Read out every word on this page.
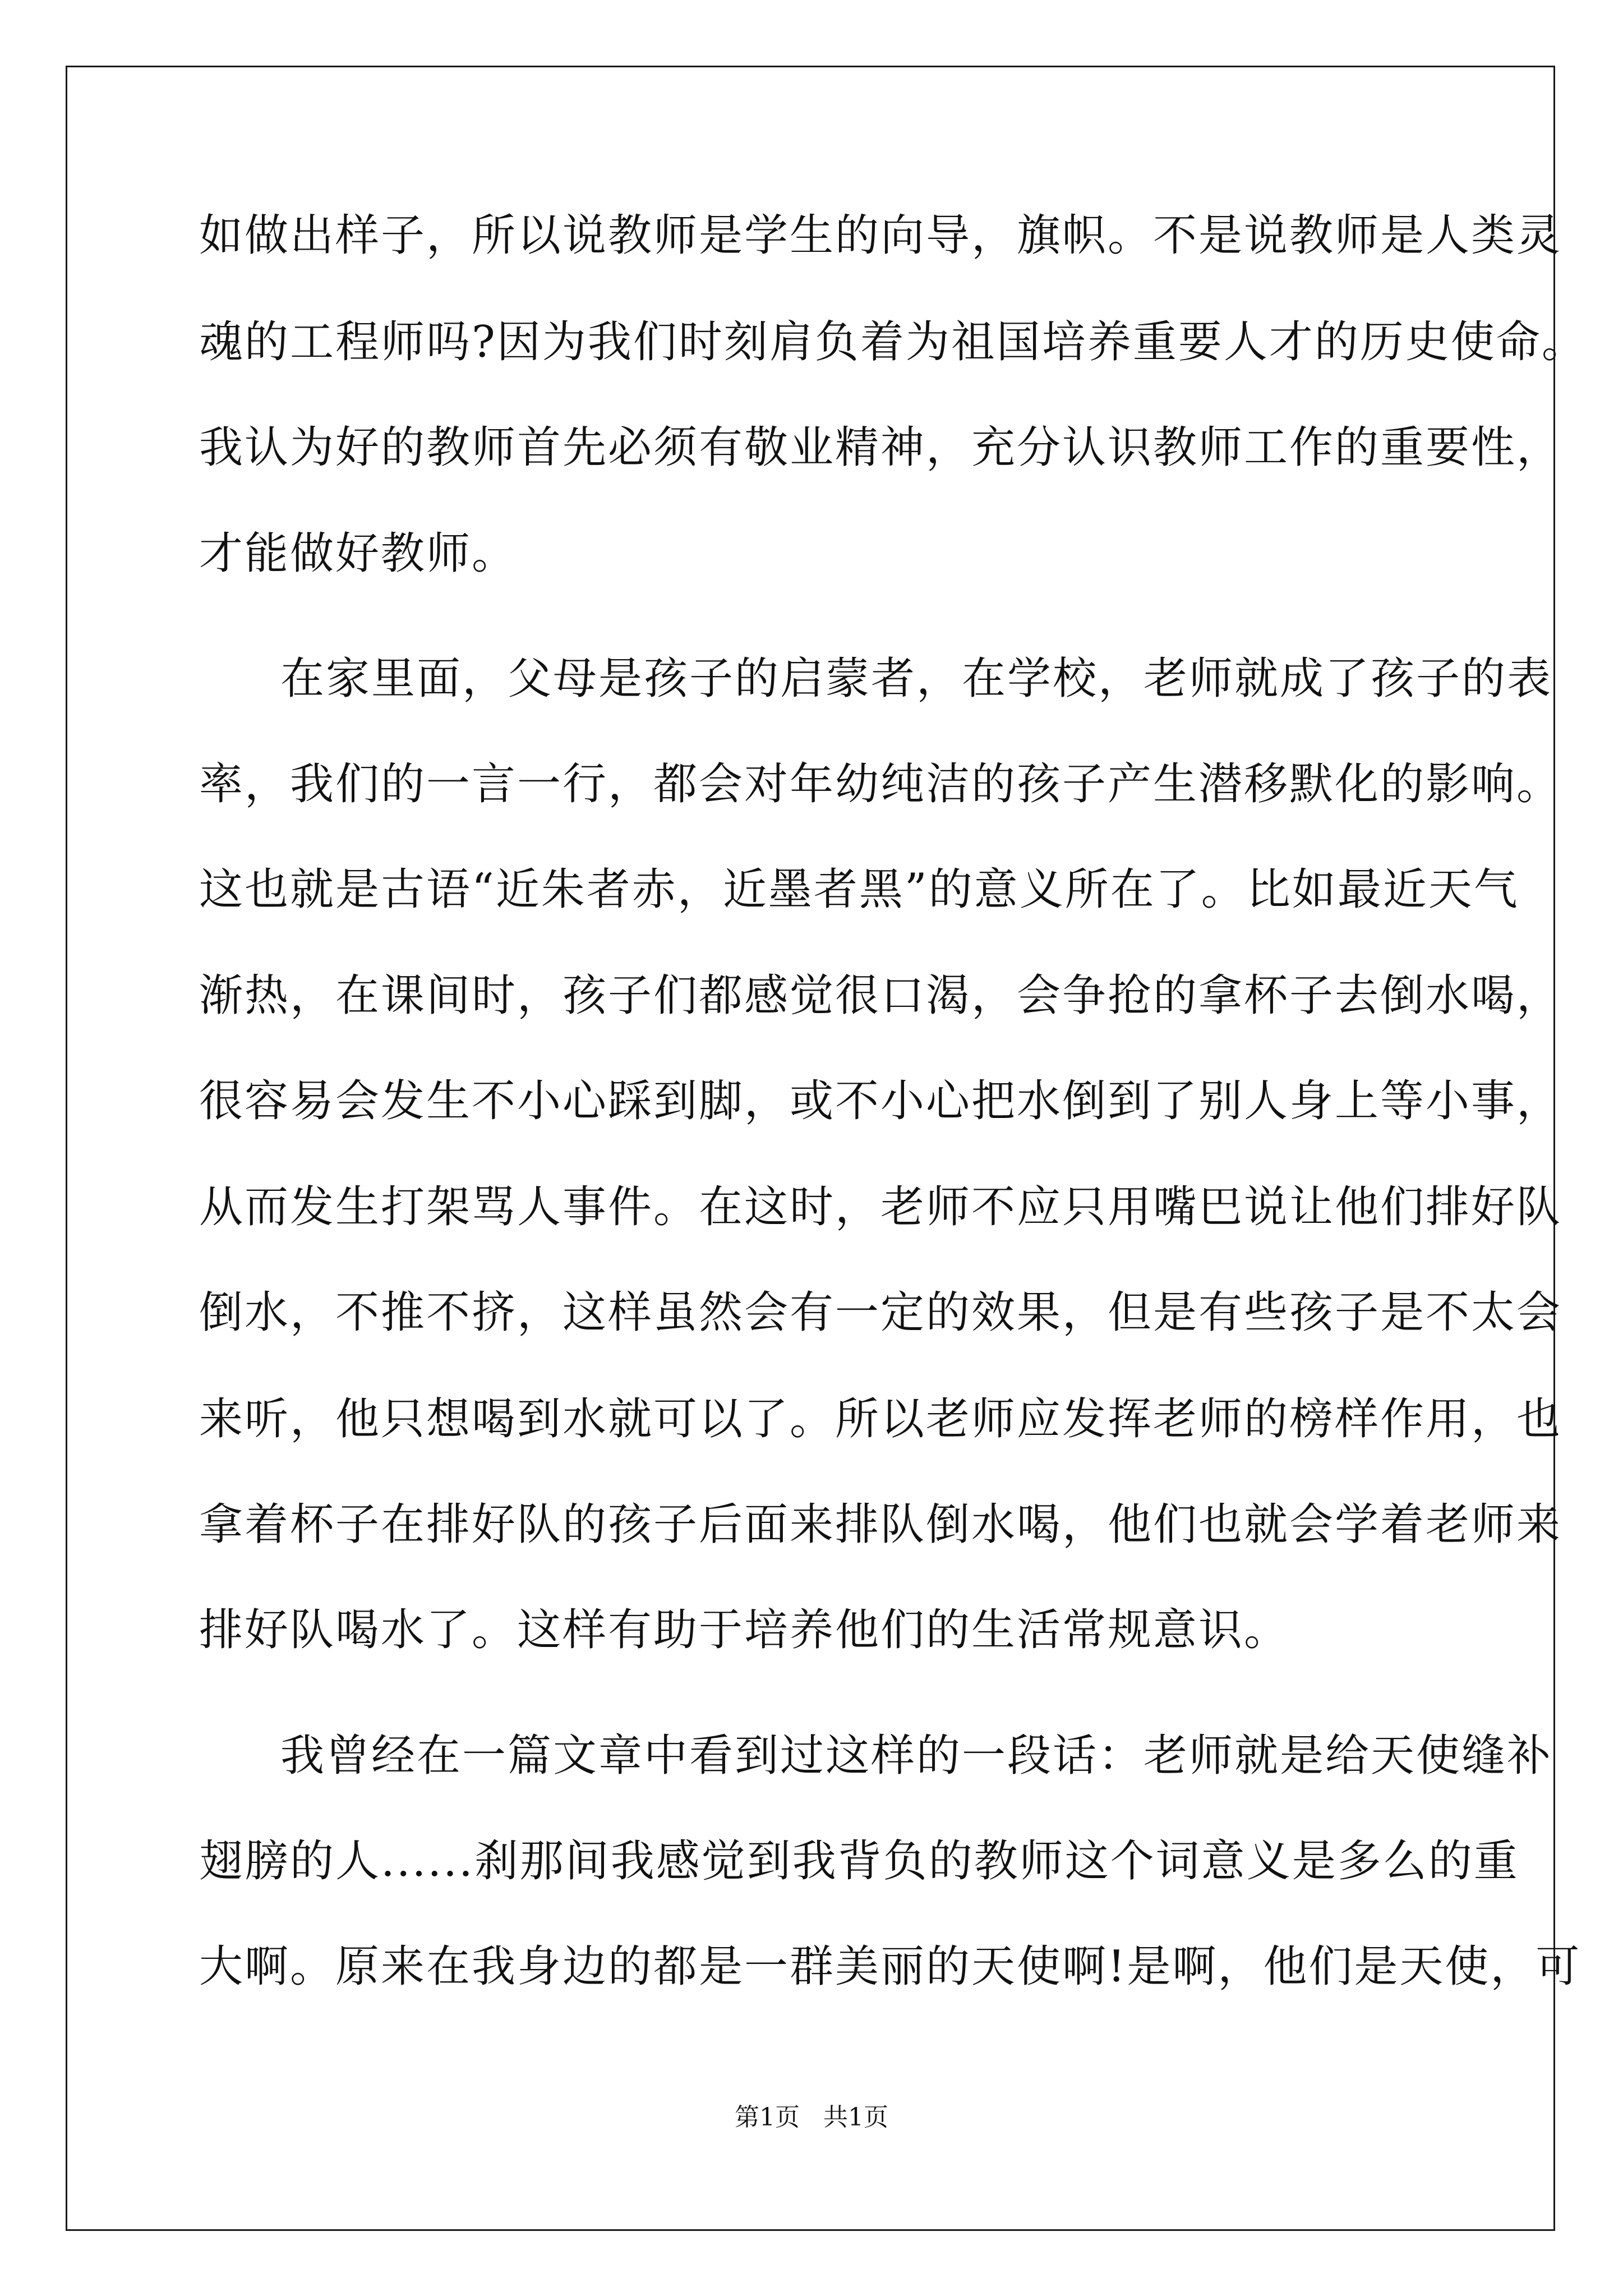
如做出样子，所以说教师是学生的向导，旗帜。不是说教师是人类灵
魂的工程师吗?因为我们时刻肩负着为祖国培养重要人才的历史使命。
我认为好的教师首先必须有敬业精神，充分认识教师工作的重要性，
才能做好教师。
在家里面，父母是孩子的启蒙者，在学校，老师就成了孩子的表
率，我们的一言一行，都会对年幼纯洁的孩子产生潜移默化的影响。
这也就是古语“近朱者赤，近墨者黑”的意义所在了。比如最近天气
渐热，在课间时，孩子们都感觉很口渴，会争抢的拿杯子去倒水喝，
很容易会发生不小心踩到脚，或不小心把水倒到了别人身上等小事，
从而发生打架骂人事件。在这时，老师不应只用嘴巴说让他们排好队
倒水，不推不挤，这样虽然会有一定的效果，但是有些孩子是不太会
来听，他只想喝到水就可以了。所以老师应发挥老师的榜样作用，也
拿着杯子在排好队的孩子后面来排队倒水喝，他们也就会学着老师来
排好队喝水了。这样有助于培养他们的生活常规意识。
我曾经在一篇文章中看到过这样的一段话：老师就是给天使缝补
翅膀的人......刹那间我感觉到我背负的教师这个词意义是多么的重
大啊。原来在我身边的都是一群美丽的天使啊!是啊，他们是天使，可
第1页   共1页
